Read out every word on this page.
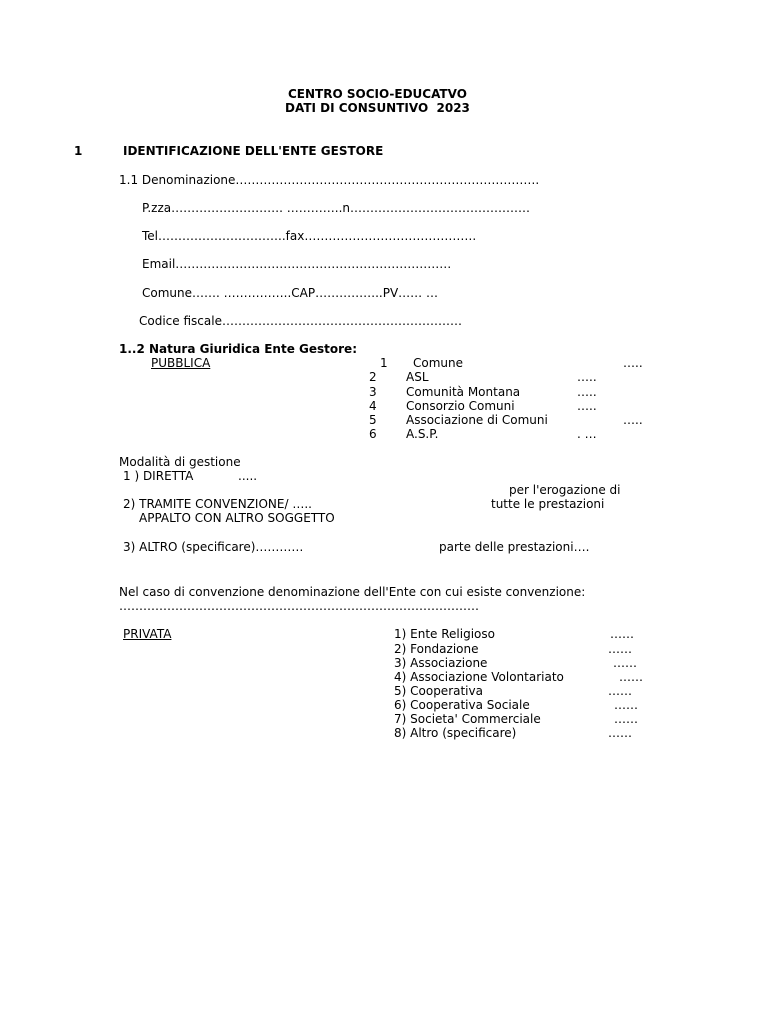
CENTRO SOCIO-EDUCATVO
DATI DI CONSUNTIVO  2023
1	IDENTIFICAZIONE DELL'ENTE GESTORE
1.1 Denominazione………………………………………………………………….
P.zza………………………. …………..n………………………………………
Tel…………………………..fax…………………………………….
Email……………………………………………………………
Comune……. ……………..CAP……………..PV…… …
Codice fiscale……………………………………………………
1..2 Natura Giuridica Ente Gestore:
PUBBLICA	1 Comune	…..
2 ASL	…..
3 Comunità Montana	…..
4 Consorzio Comuni	…..
5 Associazione di Comuni	…..
6 A.S.P.	. …
Modalità di gestione
1 ) DIRETTA	.....
per l'erogazione di
2) TRAMITE CONVENZIONE/ …..	tutte le prestazioni
APPALTO CON ALTRO SOGGETTO
3) ALTRO (specificare)…………	parte delle prestazioni….
Nel caso di convenzione denominazione dell'Ente con cui esiste convenzione:
………………………………………………………………………………
PRIVATA	1) Ente Religioso	……
2) Fondazione	……
3) Associazione	……
4) Associazione Volontariato	……
5) Cooperativa	……
6) Cooperativa Sociale	……
7) Societa' Commerciale	……
8) Altro (specificare)	……
